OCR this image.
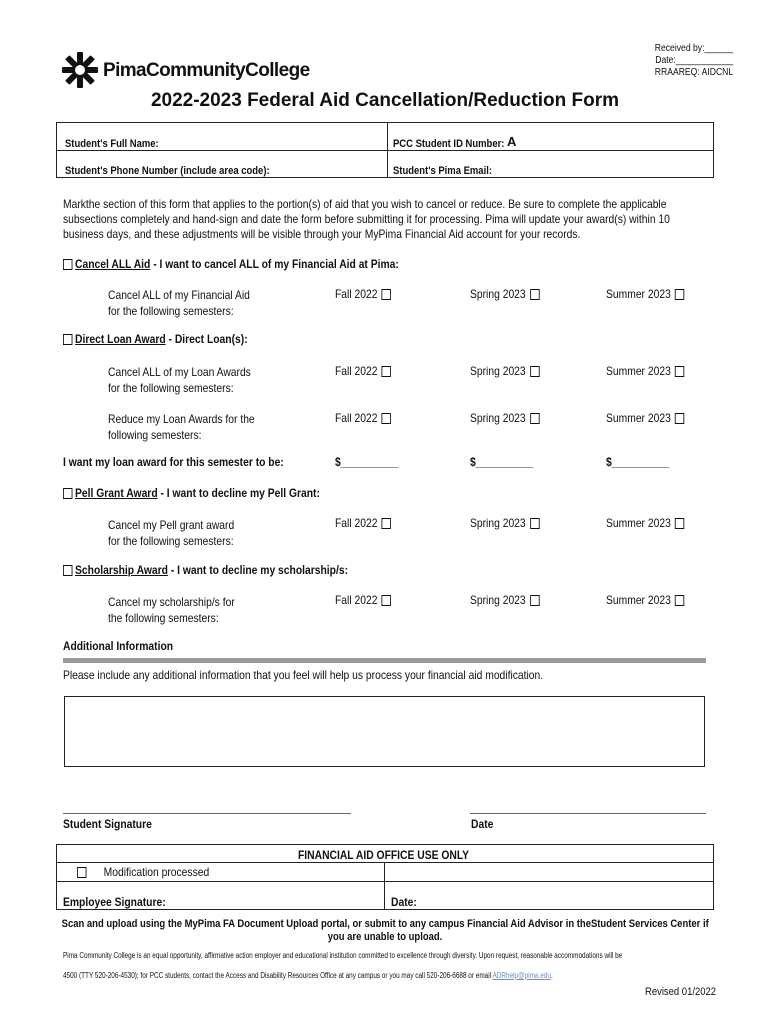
PimaCommunityCollege
Received by:______
Date:____________
RRAAREQ: AIDCNL
2022-2023 Federal Aid Cancellation/Reduction Form
Student's Full Name:	PCC Student ID Number: A
Student's Phone Number (include area code):	Student's Pima Email:
Markthe section of this form that applies to the portion(s) of aid that you wish to cancel or reduce. Be sure to complete the applicable
subsections completely and hand-sign and date the form before submitting it for processing. Pima will update your award(s) within 10
business days, and these adjustments will be visible through your MyPima Financial Aid account for your records.
Cancel ALL Aid - I want to cancel ALL of my Financial Aid at Pima:
Cancel ALL of my Financial Aid
for the following semesters:
Fall 2022	Spring 2023	Summer 2023
Direct Loan Award - Direct Loan(s):
Cancel ALL of my Loan Awards
for the following semesters:
Fall 2022	Spring 2023	Summer 2023
Reduce my Loan Awards for the
following semesters:
Fall 2022	Spring 2023	Summer 2023
I want my loan award for this semester to be:	$__________	$__________	$__________
Pell Grant Award - I want to decline my Pell Grant:
Cancel my Pell grant award
for the following semesters:
Fall 2022	Spring 2023	Summer 2023
Scholarship Award - I want to decline my scholarship/s:
Cancel my scholarship/s for
the following semesters:
Fall 2022	Spring 2023	Summer 2023
Additional Information
Please include any additional information that you feel will help us process your financial aid modification.
Student Signature	Date
FINANCIAL AID OFFICE USE ONLY
Modification processed
Employee Signature:	Date:
Scan and upload using the MyPima FA Document Upload portal, or submit to any campus Financial Aid Advisor in theStudent Services Center if
you are unable to upload.
Pima Community College is an equal opportunity, affirmative action employer and educational institution committed to excellence through diversity. Upon request, reasonable accommodations will be
4500 (TTY 520-206-4530); for PCC students, contact the Access and Disability Resources Office at any campus or you may call 520-206-6688 or email ADRhelp@pima.edu.
Revised 01/2022
